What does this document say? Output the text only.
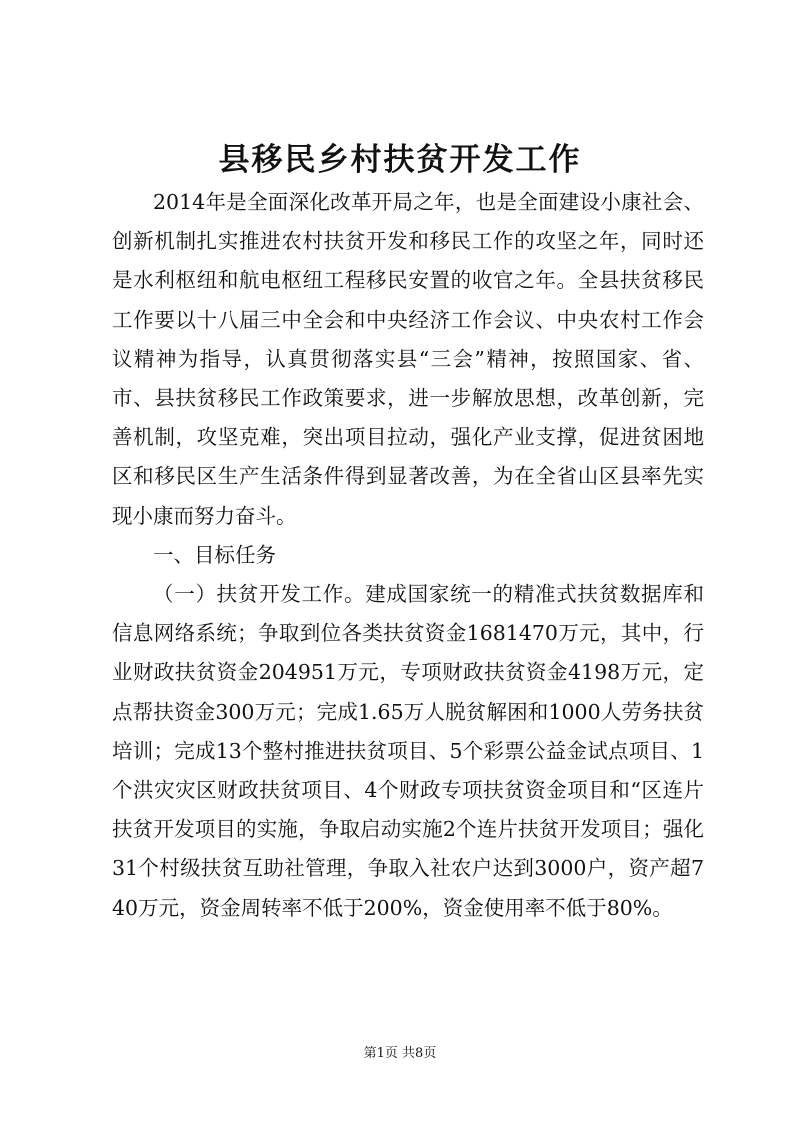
县移民乡村扶贫开发工作

2014年是全面深化改革开局之年，也是全面建设小康社会、创新机制扎实推进农村扶贫开发和移民工作的攻坚之年，同时还是水利枢纽和航电枢纽工程移民安置的收官之年。全县扶贫移民工作要以十八届三中全会和中央经济工作会议、中央农村工作会议精神为指导，认真贯彻落实县“三会”精神，按照国家、省、市、县扶贫移民工作政策要求，进一步解放思想，改革创新，完善机制，攻坚克难，突出项目拉动，强化产业支撑，促进贫困地区和移民区生产生活条件得到显著改善，为在全省山区县率先实现小康而努力奋斗。

一、目标任务

（一）扶贫开发工作。建成国家统一的精准式扶贫数据库和信息网络系统；争取到位各类扶贫资金1681470万元，其中，行业财政扶贫资金204951万元，专项财政扶贫资金4198万元，定点帮扶资金300万元；完成1.65万人脱贫解困和1000人劳务扶贫培训；完成13个整村推进扶贫项目、5个彩票公益金试点项目、1个洪灾灾区财政扶贫项目、4个财政专项扶贫资金项目和“区连片扶贫开发项目的实施，争取启动实施2个连片扶贫开发项目；强化31个村级扶贫互助社管理，争取入社农户达到3000户，资产超740万元，资金周转率不低于200%，资金使用率不低于80%。

第1页 共8页
